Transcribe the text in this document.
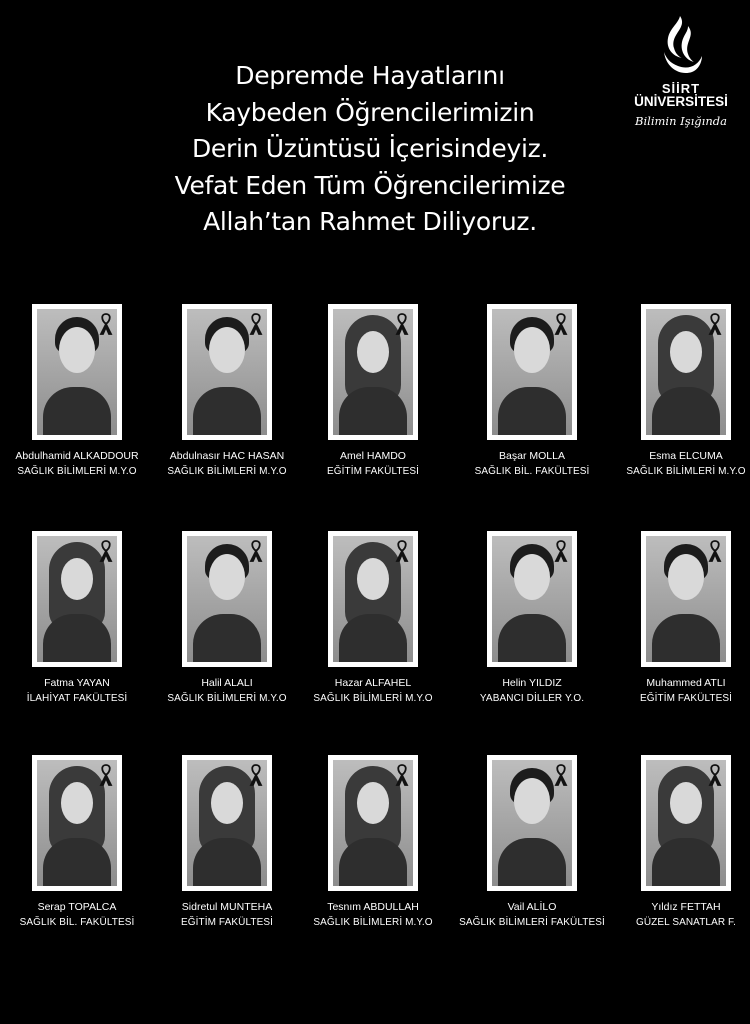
SİİRT
ÜNİVERSİTESİ
Bilimin Işığında
Depremde Hayatlarını
Kaybeden Öğrencilerimizin
Derin Üzüntüsü İçerisindeyiz.
Vefat Eden Tüm Öğrencilerimize
Allah’tan Rahmet Diliyoruz.
Abdulhamid ALKADDOUR
SAĞLIK BİLİMLERİ M.Y.O
Abdulnasır HAC HASAN
SAĞLIK BİLİMLERİ M.Y.O
Amel HAMDO
EĞİTİM FAKÜLTESİ
Başar MOLLA
SAĞLIK BİL. FAKÜLTESİ
Esma ELCUMA
SAĞLIK BİLİMLERİ M.Y.O
Fatma YAYAN
İLAHİYAT FAKÜLTESİ
Halil ALALI
SAĞLIK BİLİMLERİ M.Y.O
Hazar ALFAHEL
SAĞLIK BİLİMLERİ M.Y.O
Helin YILDIZ
YABANCI DİLLER Y.O.
Muhammed ATLI
EĞİTİM FAKÜLTESİ
Serap TOPALCA
SAĞLIK BİL. FAKÜLTESİ
Sidretul MUNTEHA
EĞİTİM FAKÜLTESİ
Tesnım ABDULLAH
SAĞLIK BİLİMLERİ M.Y.O
Vail ALİLO
SAĞLIK BİLİMLERİ FAKÜLTESİ
Yıldız FETTAH
GÜZEL SANATLAR F.
